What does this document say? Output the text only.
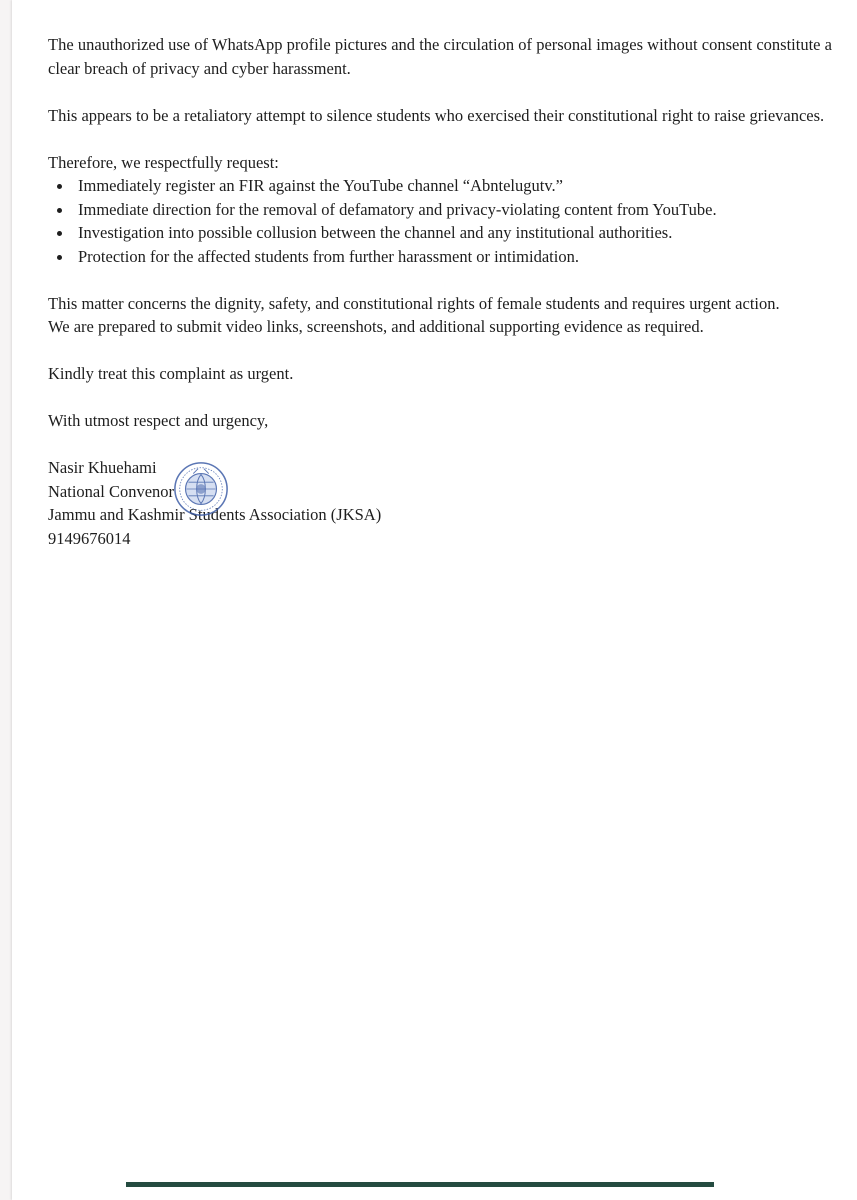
The unauthorized use of WhatsApp profile pictures and the circulation of personal images without consent constitute a clear breach of privacy and cyber harassment.

This appears to be a retaliatory attempt to silence students who exercised their constitutional right to raise grievances.

Therefore, we respectfully request:

Immediately register an FIR against the YouTube channel “Abntelugutv.”
Immediate direction for the removal of defamatory and privacy-violating content from YouTube.
Investigation into possible collusion between the channel and any institutional authorities.
Protection for the affected students from further harassment or intimidation.

This matter concerns the dignity, safety, and constitutional rights of female students and requires urgent action.

We are prepared to submit video links, screenshots, and additional supporting evidence as required.

Kindly treat this complaint as urgent.

With utmost respect and urgency,

Nasir Khuehami
National Convenor
Jammu and Kashmir Students Association (JKSA)
9149676014
